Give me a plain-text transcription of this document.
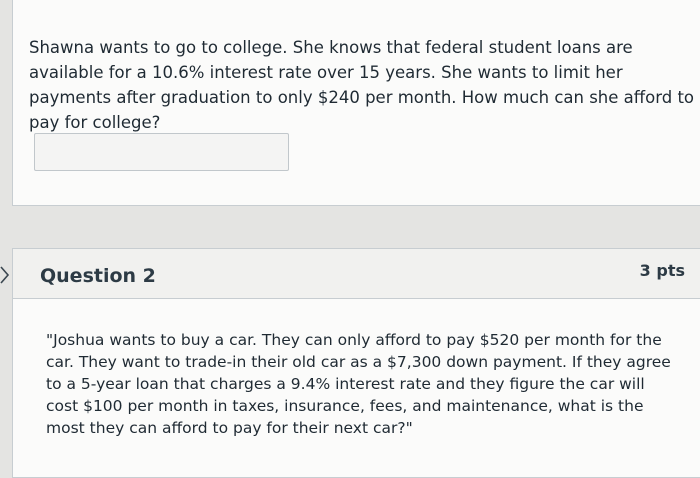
Shawna wants to go to college. She knows that federal student loans are available for a 10.6% interest rate over 15 years. She wants to limit her payments after graduation to only $240 per month. How much can she afford to pay for college?

Question 2	3 pts

"Joshua wants to buy a car. They can only afford to pay $520 per month for the car. They want to trade-in their old car as a $7,300 down payment. If they agree to a 5-year loan that charges a 9.4% interest rate and they figure the car will cost $100 per month in taxes, insurance, fees, and maintenance, what is the most they can afford to pay for their next car?"
